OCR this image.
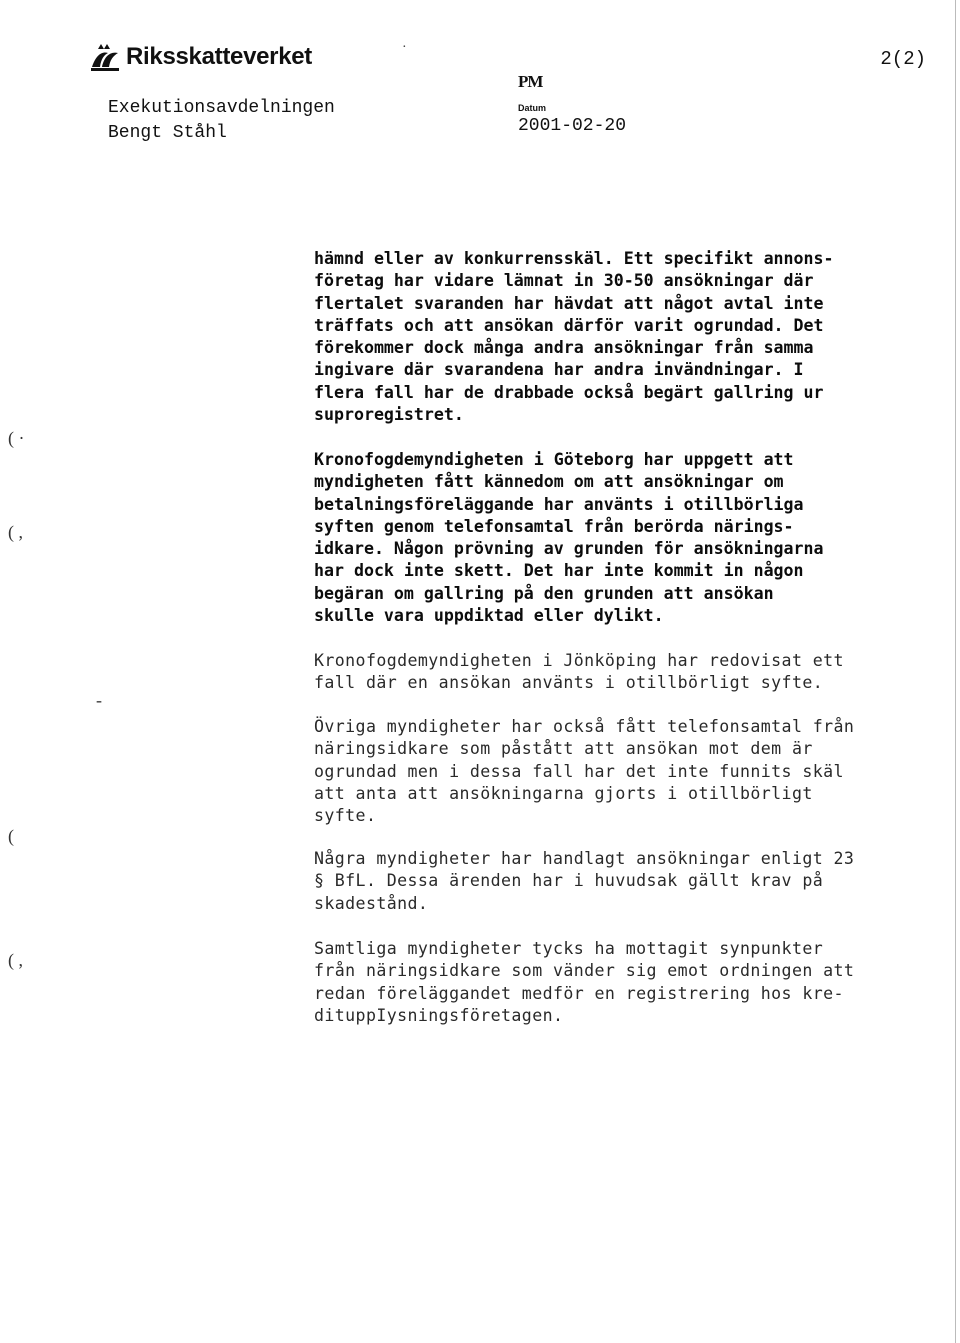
Riksskatteverket	·
2(2)
Exekutionsavdelningen
Bengt Ståhl
PM
Datum
2001-02-20

hämnd eller av konkurrensskäl. Ett specifikt annons-
företag har vidare lämnat in 30-50 ansökningar där
flertalet svaranden har hävdat att något avtal inte
träffats och att ansökan därför varit ogrundad. Det
förekommer dock många andra ansökningar från samma
ingivare där svarandena har andra invändningar. I
flera fall har de drabbade också begärt gallring ur
suproregistret.

Kronofogdemyndigheten i Göteborg har uppgett att
myndigheten fått kännedom om att ansökningar om
betalningsföreläggande har använts i otillbörliga
syften genom telefonsamtal från berörda närings-
idkare. Någon prövning av grunden för ansökningarna
har dock inte skett. Det har inte kommit in någon
begäran om gallring på den grunden att ansökan
skulle vara uppdiktad eller dylikt.

Kronofogdemyndigheten i Jönköping har redovisat ett
fall där en ansökan använts i otillbörligt syfte.

Övriga myndigheter har också fått telefonsamtal från
näringsidkare som påstått att ansökan mot dem är
ogrundad men i dessa fall har det inte funnits skäl
att anta att ansökningarna gjorts i otillbörligt
syfte.

Några myndigheter har handlagt ansökningar enligt 23
§ BfL. Dessa ärenden har i huvudsak gällt krav på
skadestånd.

Samtliga myndigheter tycks ha mottagit synpunkter
från näringsidkare som vänder sig emot ordningen att
redan föreläggandet medför en registrering hos kre-
dituppIysningsföretagen.

( ·
( ,
-
(
( ,
